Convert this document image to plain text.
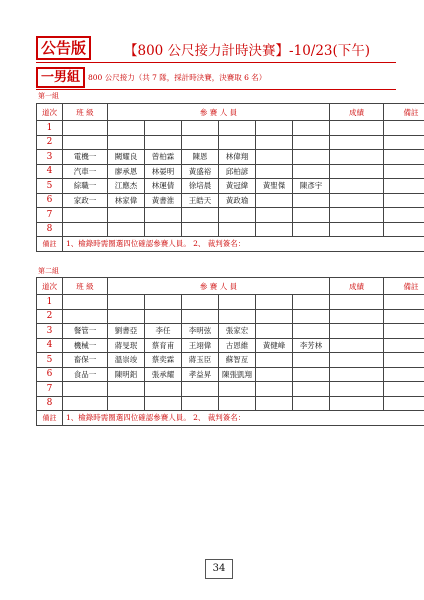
公告版	【800 公尺接力計時決賽】-10/23(下午)
一男組	800 公尺接力（共 7 隊，採計時決賽，決賽取 6 名）
第一組
道次	班 級	參 賽 人 員						成績	備註
1									
2									
3	電機一	闕耀良	曾柏霖	陳恩	林偉翔				
4	汽車一	廖承恩	林晏明	黃盛裕	邱柏諺				
5	綜職一	江應杰	林運倩	徐培晨	黃冠緯	黃聖傑	陳彥宇		
6	家政一	林家偉	黃書淮	王皓天	黃政瑜				
7									
8									
備註	1、檢錄時需圈選四位確認參賽人員。 2、 裁判簽名：								
第二組
道次	班 級	參 賽 人 員						成績	備註
1									
2									
3	餐管一	劉書亞	李任	李明弦	張家宏				
4	機械一	蔣旻珉	蔡育甫	王翊偉	古恩維	黃健峰	李芳林		
5	畜保一	溫崇竣	蔡奕霖	蔣玉臣	蘇智亙				
6	食品一	陳明鋁	張承耀	孝益昇	陳張凱翔				
7									
8									
備註	1、檢錄時需圈選四位確認參賽人員。 2、 裁判簽名：								
34
